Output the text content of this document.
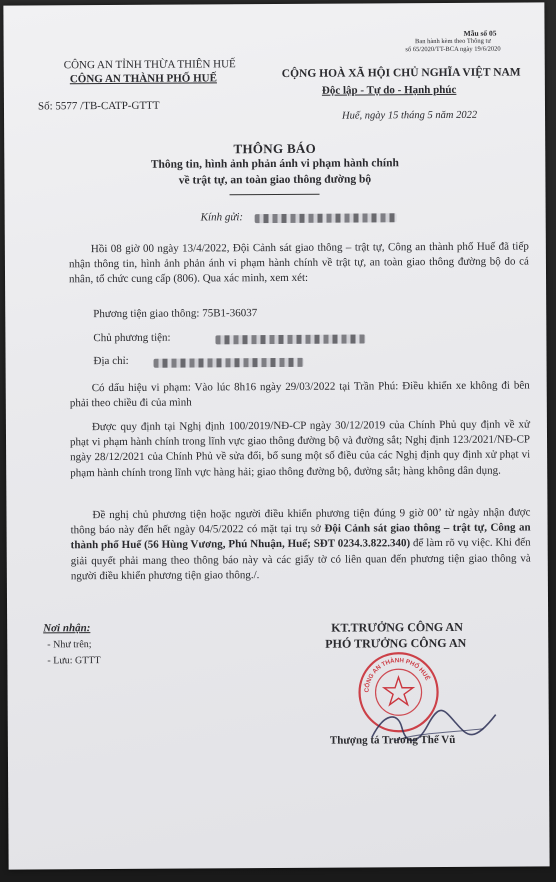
Mẫu số 05
Ban hành kèm theo Thông tư
số 65/2020/TT-BCA ngày 19/6/2020
CÔNG AN TỈNH THỪA THIÊN HUẾ
CÔNG AN THÀNH PHỐ HUẾ	CỘNG HOÀ XÃ HỘI CHỦ NGHĨA VIỆT NAM
Độc lập - Tự do - Hạnh phúc
Số: 5577 /TB-CATP-GTTT
Huế, ngày 15 tháng 5 năm 2022
THÔNG BÁO
Thông tin, hình ảnh phản ánh vi phạm hành chính
về trật tự, an toàn giao thông đường bộ
Kính gửi:
Hồi 08 giờ 00 ngày 13/4/2022, Đội Cảnh sát giao thông – trật tự, Công an thành phố Huế đã tiếp nhận thông tin, hình ảnh phản ánh vi phạm hành chính về trật tự, an toàn giao thông đường bộ do cá nhân, tổ chức cung cấp (806). Qua xác minh, xem xét:
Phương tiện giao thông: 75B1-36037
Chủ phương tiện:
Địa chỉ:
Có dấu hiệu vi phạm: Vào lúc 8h16 ngày 29/03/2022 tại Trần Phú: Điều khiển xe không đi bên phải theo chiều đi của mình
Được quy định tại Nghị định 100/2019/NĐ-CP ngày 30/12/2019 của Chính Phủ quy định về xử phạt vi phạm hành chính trong lĩnh vực giao thông đường bộ và đường sắt; Nghị định 123/2021/NĐ-CP ngày 28/12/2021 của Chính Phủ về sửa đổi, bổ sung một số điều của các Nghị định quy định xử phạt vi phạm hành chính trong lĩnh vực hàng hải; giao thông đường bộ, đường sắt; hàng không dân dụng.
Đề nghị chủ phương tiện hoặc người điều khiển phương tiện đúng 9 giờ 00’ từ ngày nhận được thông báo này đến hết ngày 04/5/2022 có mặt tại trụ sở Đội Cảnh sát giao thông – trật tự, Công an thành phố Huế (56 Hùng Vương, Phú Nhuận, Huế; SĐT 0234.3.822.340) để làm rõ vụ việc. Khi đến giải quyết phải mang theo thông báo này và các giấy tờ có liên quan đến phương tiện giao thông và người điều khiển phương tiện giao thông./.
Nơi nhận:
- Như trên;
- Lưu: GTTT
KT.TRƯỞNG CÔNG AN
PHÓ TRƯỞNG CÔNG AN
CÔNG AN THÀNH PHỐ HUẾ
Thượng tá Trương Thế Vũ
